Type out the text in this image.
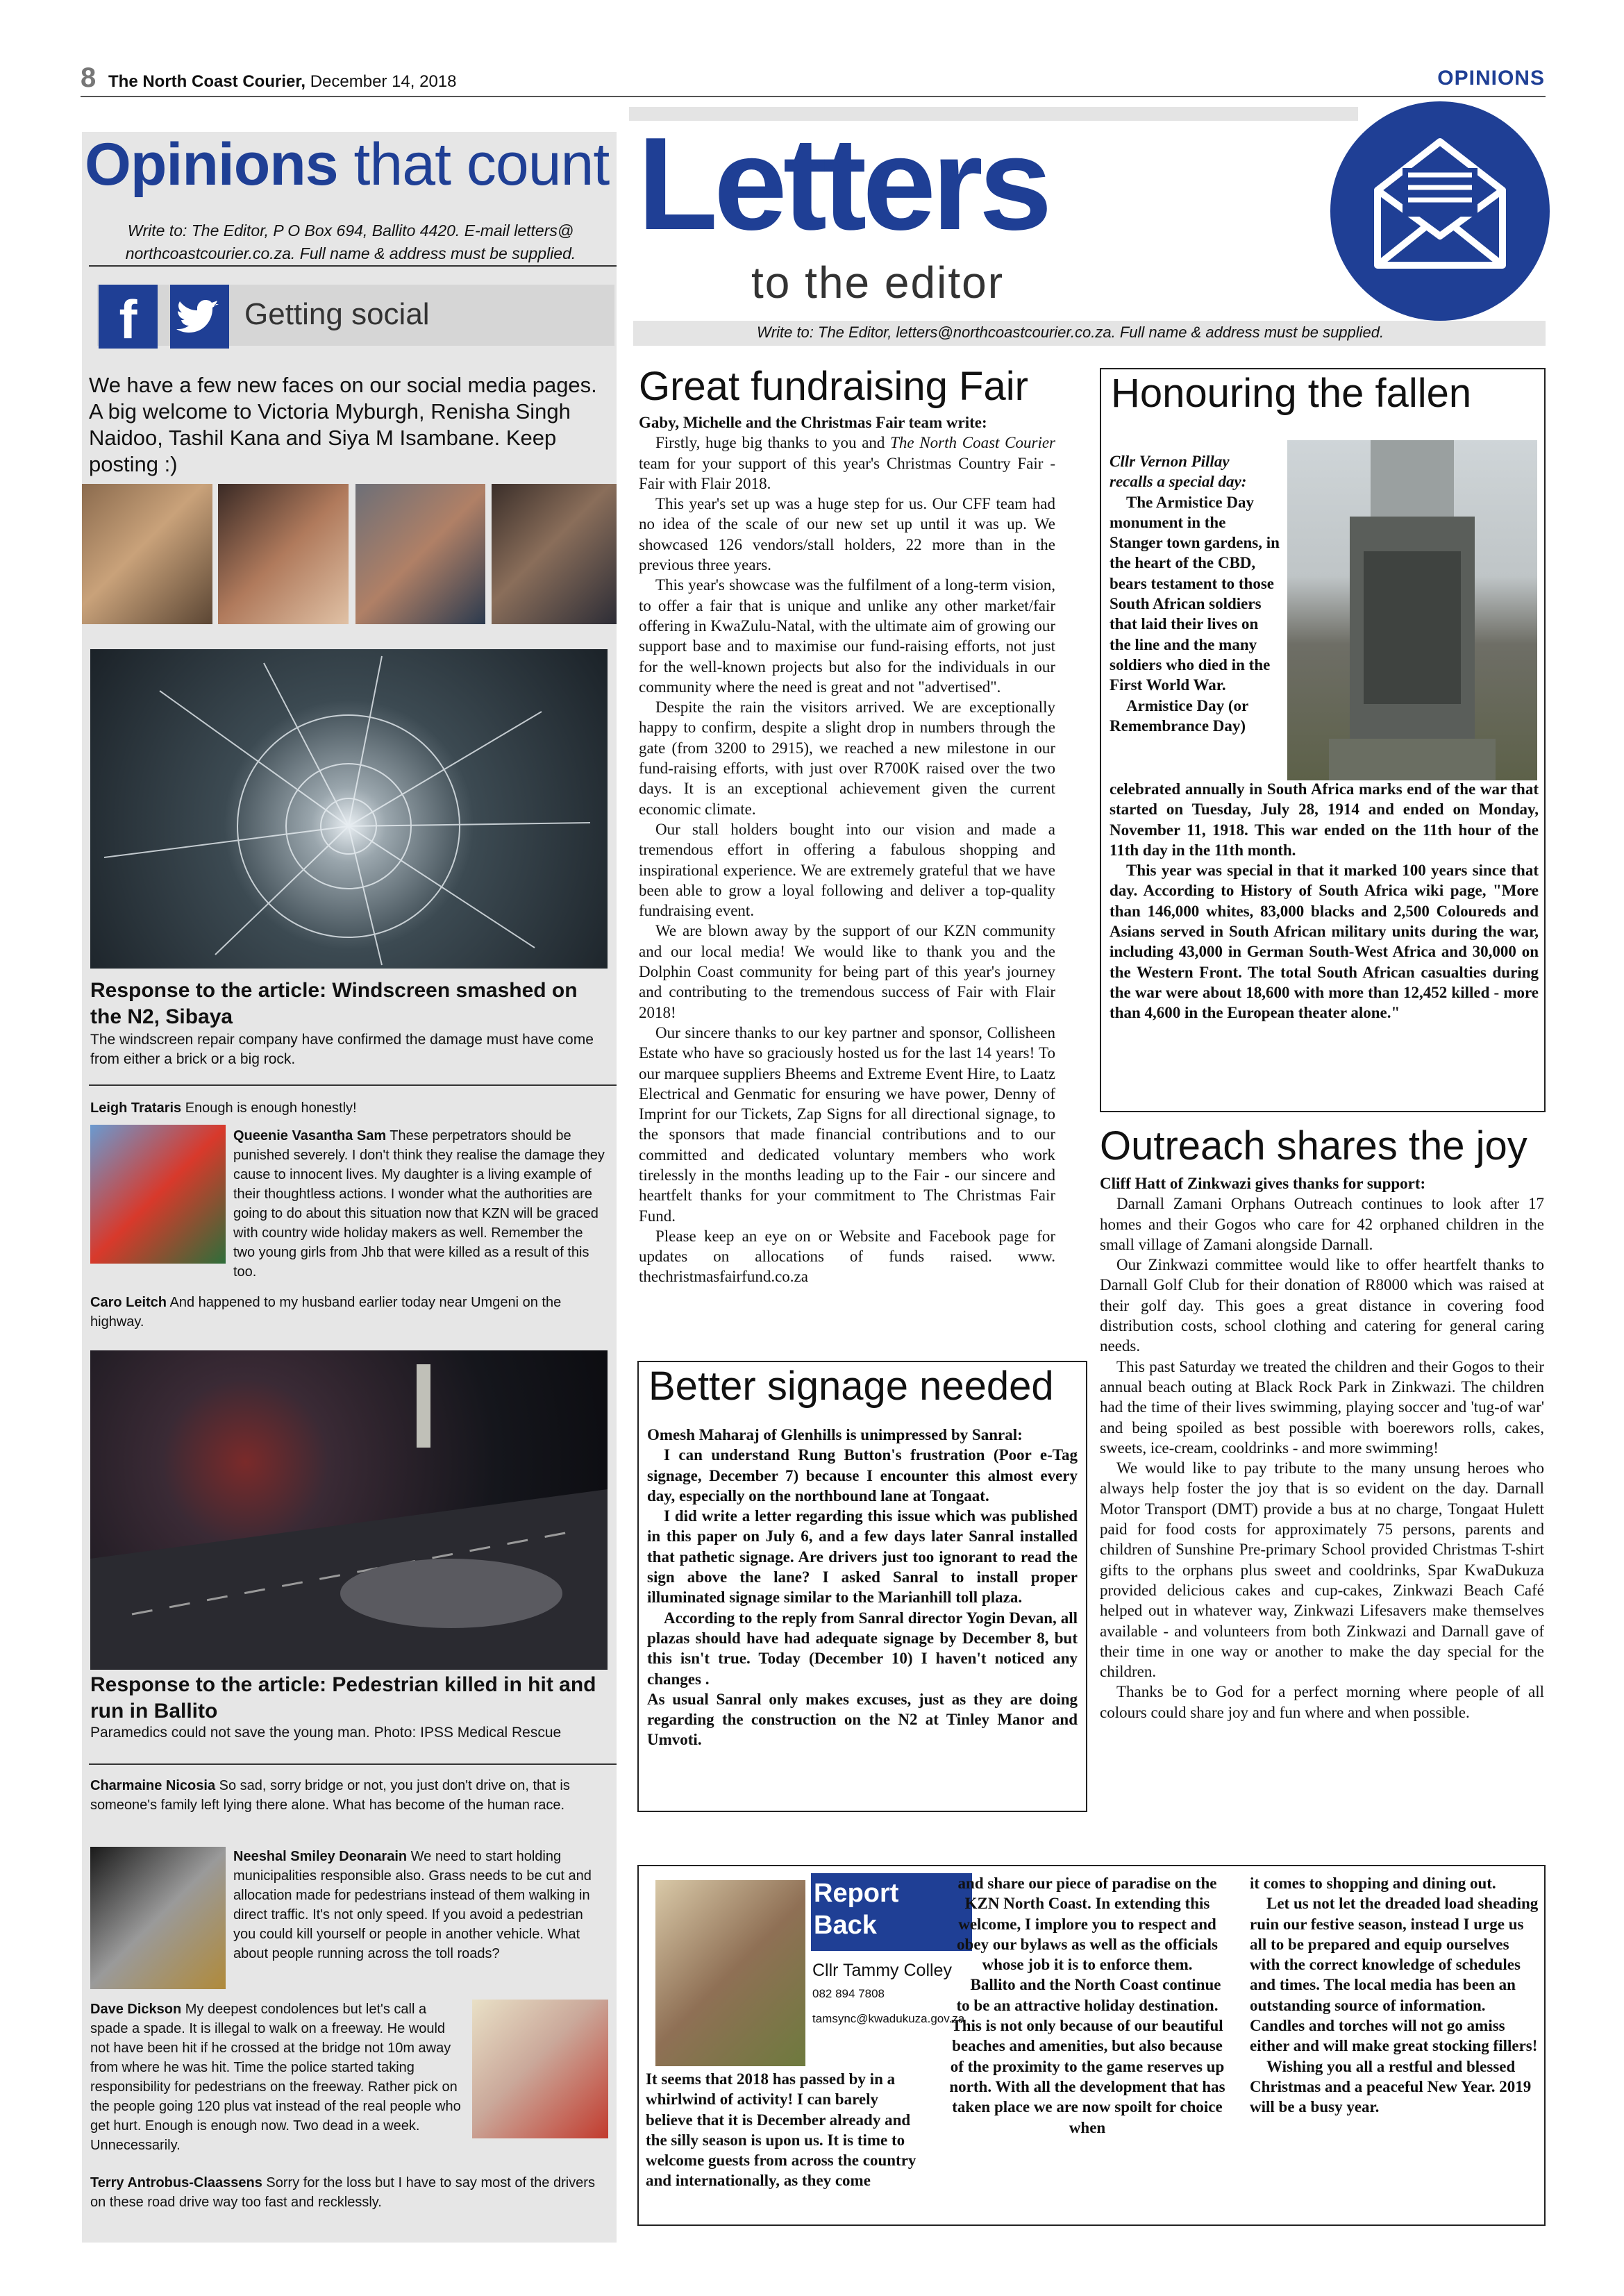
8 The North Coast Courier, December 14, 2018	OPINIONS
Opinions that count
Write to: The Editor, P O Box 694, Ballito 4420. E-mail letters@
northcoastcourier.co.za. Full name & address must be supplied.
f	Getting social
We have a few new faces on our social media pages. A big welcome to Victoria Myburgh, Renisha Singh Naidoo, Tashil Kana and Siya M Isambane. Keep posting :)
Response to the article: Windscreen smashed on the N2, Sibaya
The windscreen repair company have confirmed the damage must have come from either a brick or a big rock.
Leigh Trataris Enough is enough honestly!
Queenie Vasantha Sam These perpetrators should be punished severely. I don't think they realise the damage they cause to innocent lives. My daughter is a living example of their thoughtless actions. I wonder what the authorities are going to do about this situation now that KZN will be graced with country wide holiday makers as well. Remember the two young girls from Jhb that were killed as a result of this too.
Caro Leitch And happened to my husband earlier today near Umgeni on the highway.
Response to the article: Pedestrian killed in hit and run in Ballito
Paramedics could not save the young man. Photo: IPSS Medical Rescue
Charmaine Nicosia So sad, sorry bridge or not, you just don't drive on, that is someone's family left lying there alone. What has become of the human race.
Neeshal Smiley Deonarain We need to start holding municipalities responsible also. Grass needs to be cut and allocation made for pedestrians instead of them walking in direct traffic. It's not only speed. If you avoid a pedestrian you could kill yourself or people in another vehicle. What about people running across the toll roads?
Dave Dickson My deepest condolences but let's call a spade a spade. It is illegal to walk on a freeway. He would not have been hit if he crossed at the bridge not 10m away from where he was hit. Time the police started taking responsibility for pedestrians on the freeway. Rather pick on the people going 120 plus vat instead of the real people who get hurt. Enough is enough now. Two dead in a week. Unnecessarily.
Terry Antrobus-Claassens Sorry for the loss but I have to say most of the drivers on these road drive way too fast and recklessly.
Letters
to the editor
Write to: The Editor, letters@northcoastcourier.co.za. Full name & address must be supplied.
Great fundraising Fair

Gaby, Michelle and the Christmas Fair team write:

Firstly, huge big thanks to you and The North Coast Courier team for your support of this year's Christmas Country Fair - Fair with Flair 2018.

This year's set up was a huge step for us. Our CFF team had no idea of the scale of our new set up until it was up. We showcased 126 vendors/stall holders, 22 more than in the previous three years.

This year's showcase was the fulfilment of a long-term vision, to offer a fair that is unique and unlike any other market/fair offering in KwaZulu-Natal, with the ultimate aim of growing our support base and to maximise our fund-raising efforts, not just for the well-known projects but also for the individuals in our community where the need is great and not "advertised".

Despite the rain the visitors arrived. We are exceptionally happy to confirm, despite a slight drop in numbers through the gate (from 3200 to 2915), we reached a new milestone in our fund-raising efforts, with just over R700K raised over the two days. It is an exceptional achievement given the current economic climate.

Our stall holders bought into our vision and made a tremendous effort in offering a fabulous shopping and inspirational experience. We are extremely grateful that we have been able to grow a loyal following and deliver a top-quality fundraising event.

We are blown away by the support of our KZN community and our local media! We would like to thank you and the Dolphin Coast community for being part of this year's journey and contributing to the tremendous success of Fair with Flair 2018!

Our sincere thanks to our key partner and sponsor, Collisheen Estate who have so graciously hosted us for the last 14 years! To our marquee suppliers Bheems and Extreme Event Hire, to Laatz Electrical and Genmatic for ensuring we have power, Denny of Imprint for our Tickets, Zap Signs for all directional signage, to the sponsors that made financial contributions and to our committed and dedicated voluntary members who work tirelessly in the months leading up to the Fair - our sincere and heartfelt thanks for your commitment to The Christmas Fair Fund.

Please keep an eye on or Website and Facebook page for updates on allocations of funds raised. www. thechristmasfairfund.co.za

Honouring the fallen

Cllr Vernon Pillay

recalls a special day:

The Armistice Day monument in the Stanger town gardens, in the heart of the CBD, bears testament to those South African soldiers that laid their lives on the line and the many soldiers who died in the First World War.

Armistice Day (or Remembrance Day)

celebrated annually in South Africa marks end of the war that started on Tuesday, July 28, 1914 and ended on Monday, November 11, 1918. This war ended on the 11th hour of the 11th day in the 11th month.

This year was special in that it marked 100 years since that day. According to History of South Africa wiki page, "More than 146,000 whites, 83,000 blacks and 2,500 Coloureds and Asians served in South African military units during the war, including 43,000 in German South-West Africa and 30,000 on the Western Front. The total South African casualties during the war were about 18,600 with more than 12,452 killed - more than 4,600 in the European theater alone."

Better signage needed

Omesh Maharaj of Glenhills is unimpressed by Sanral:

I can understand Rung Button's frustration (Poor e-Tag signage, December 7) because I encounter this almost every day, especially on the northbound lane at Tongaat.

I did write a letter regarding this issue which was published in this paper on July 6, and a few days later Sanral installed that pathetic signage. Are drivers just too ignorant to read the sign above the lane? I asked Sanral to install proper illuminated signage similar to the Marianhill toll plaza.

According to the reply from Sanral director Yogin Devan, all plazas should have had adequate signage by December 8, but this isn't true. Today (December 10) I haven't noticed any changes .

As usual Sanral only makes excuses, just as they are doing regarding the construction on the N2 at Tinley Manor and Umvoti.

Outreach shares the joy

Cliff Hatt of Zinkwazi gives thanks for support:

Darnall Zamani Orphans Outreach continues to look after 17 homes and their Gogos who care for 42 orphaned children in the small village of Zamani alongside Darnall.

Our Zinkwazi committee would like to offer heartfelt thanks to Darnall Golf Club for their donation of R8000 which was raised at their golf day. This goes a great distance in covering food distribution costs, school clothing and catering for general caring needs.

This past Saturday we treated the children and their Gogos to their annual beach outing at Black Rock Park in Zinkwazi. The children had the time of their lives swimming, playing soccer and 'tug-of war' and being spoiled as best possible with boerewors rolls, cakes, sweets, ice-cream, cooldrinks - and more swimming!

We would like to pay tribute to the many unsung heroes who always help foster the joy that is so evident on the day. Darnall Motor Transport (DMT) provide a bus at no charge, Tongaat Hulett paid for food costs for approximately 75 persons, parents and children of Sunshine Pre-primary School provided Christmas T-shirt gifts to the orphans plus sweet and cooldrinks, Spar KwaDukuza provided delicious cakes and cup-cakes, Zinkwazi Beach Café helped out in whatever way, Zinkwazi Lifesavers make themselves available - and volunteers from both Zinkwazi and Darnall gave of their time in one way or another to make the day special for the children.

Thanks be to God for a perfect morning where people of all colours could share joy and fun where and when possible.

Report
Back
Cllr Tammy Colley
082 894 7808
tamsync@kwadukuza.gov.za

It seems that 2018 has passed by in a whirlwind of activity! I can barely believe that it is December already and the silly season is upon us. It is time to welcome guests from across the country and internationally, as they come

and share our piece of paradise on the KZN North Coast. In extending this welcome, I implore you to respect and obey our bylaws as well as the officials whose job it is to enforce them.

Ballito and the North Coast continue to be an attractive holiday destination. This is not only because of our beautiful beaches and amenities, but also because of the proximity to the game reserves up north. With all the development that has taken place we are now spoilt for choice when

it comes to shopping and dining out.

Let us not let the dreaded load sheading ruin our festive season, instead I urge us all to be prepared and equip ourselves with the correct knowledge of schedules and times. The local media has been an outstanding source of information. Candles and torches will not go amiss either and will make great stocking fillers!

Wishing you all a restful and blessed Christmas and a peaceful New Year. 2019 will be a busy year.
